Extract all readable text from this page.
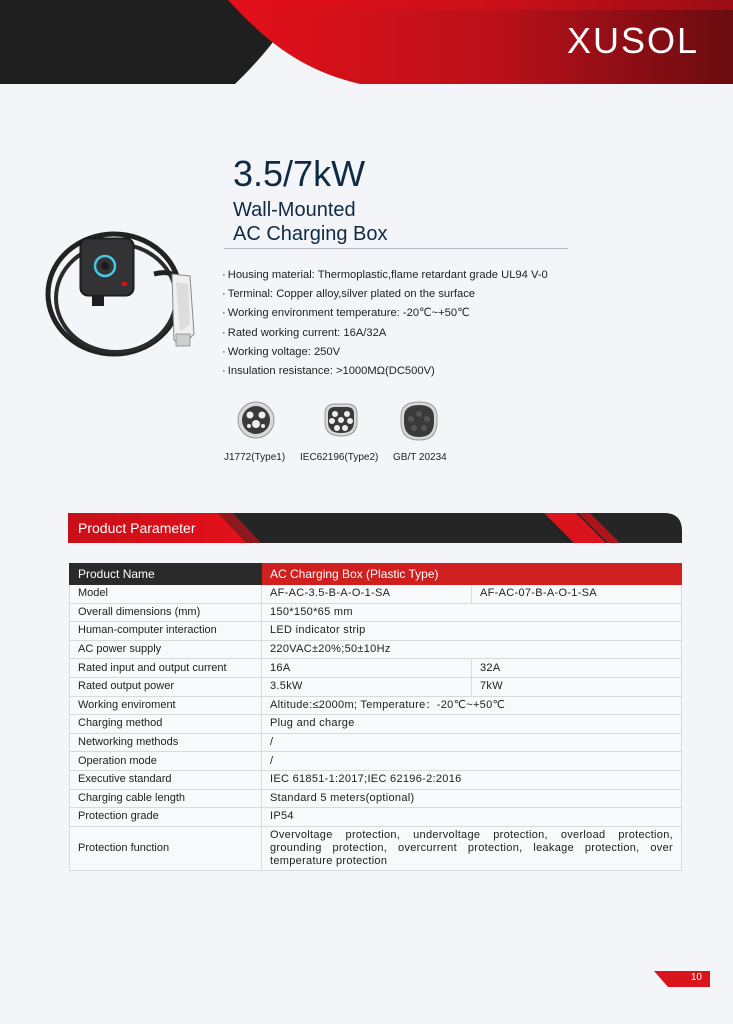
XUSOL
3.5/7kW
Wall-Mounted
AC Charging Box
· Housing material: Thermoplastic,flame retardant grade UL94 V-0
· Terminal: Copper alloy,silver plated on the surface
· Working environment temperature: -20℃~+50℃
· Rated working current: 16A/32A
· Working voltage: 250V
· Insulation resistance: >1000MΩ(DC500V)
J1772(Type1) IEC62196(Type2) GB/T 20234
Product Parameter
Product Name	AC Charging Box (Plastic Type)	
Model	AF-AC-3.5-B-A-O-1-SA	AF-AC-07-B-A-O-1-SA
Overall dimensions (mm)	150*150*65 mm	
Human-computer interaction	LED indicator strip	
AC power supply	220VAC±20%;50±10Hz	
Rated input and output current	16A	32A
Rated output power	3.5kW	7kW
Working enviroment	Altitude:≤2000m; Temperature：-20℃~+50℃	
Charging method	Plug and charge	
Networking methods	/	
Operation mode	/	
Executive standard	IEC 61851-1:2017;IEC 62196-2:2016	
Charging cable length	Standard 5 meters(optional)	
Protection grade	IP54	
Protection function	Overvoltage protection, undervoltage protection, overload protection, grounding protection, overcurrent protection, leakage protection, over temperature protection	
10
